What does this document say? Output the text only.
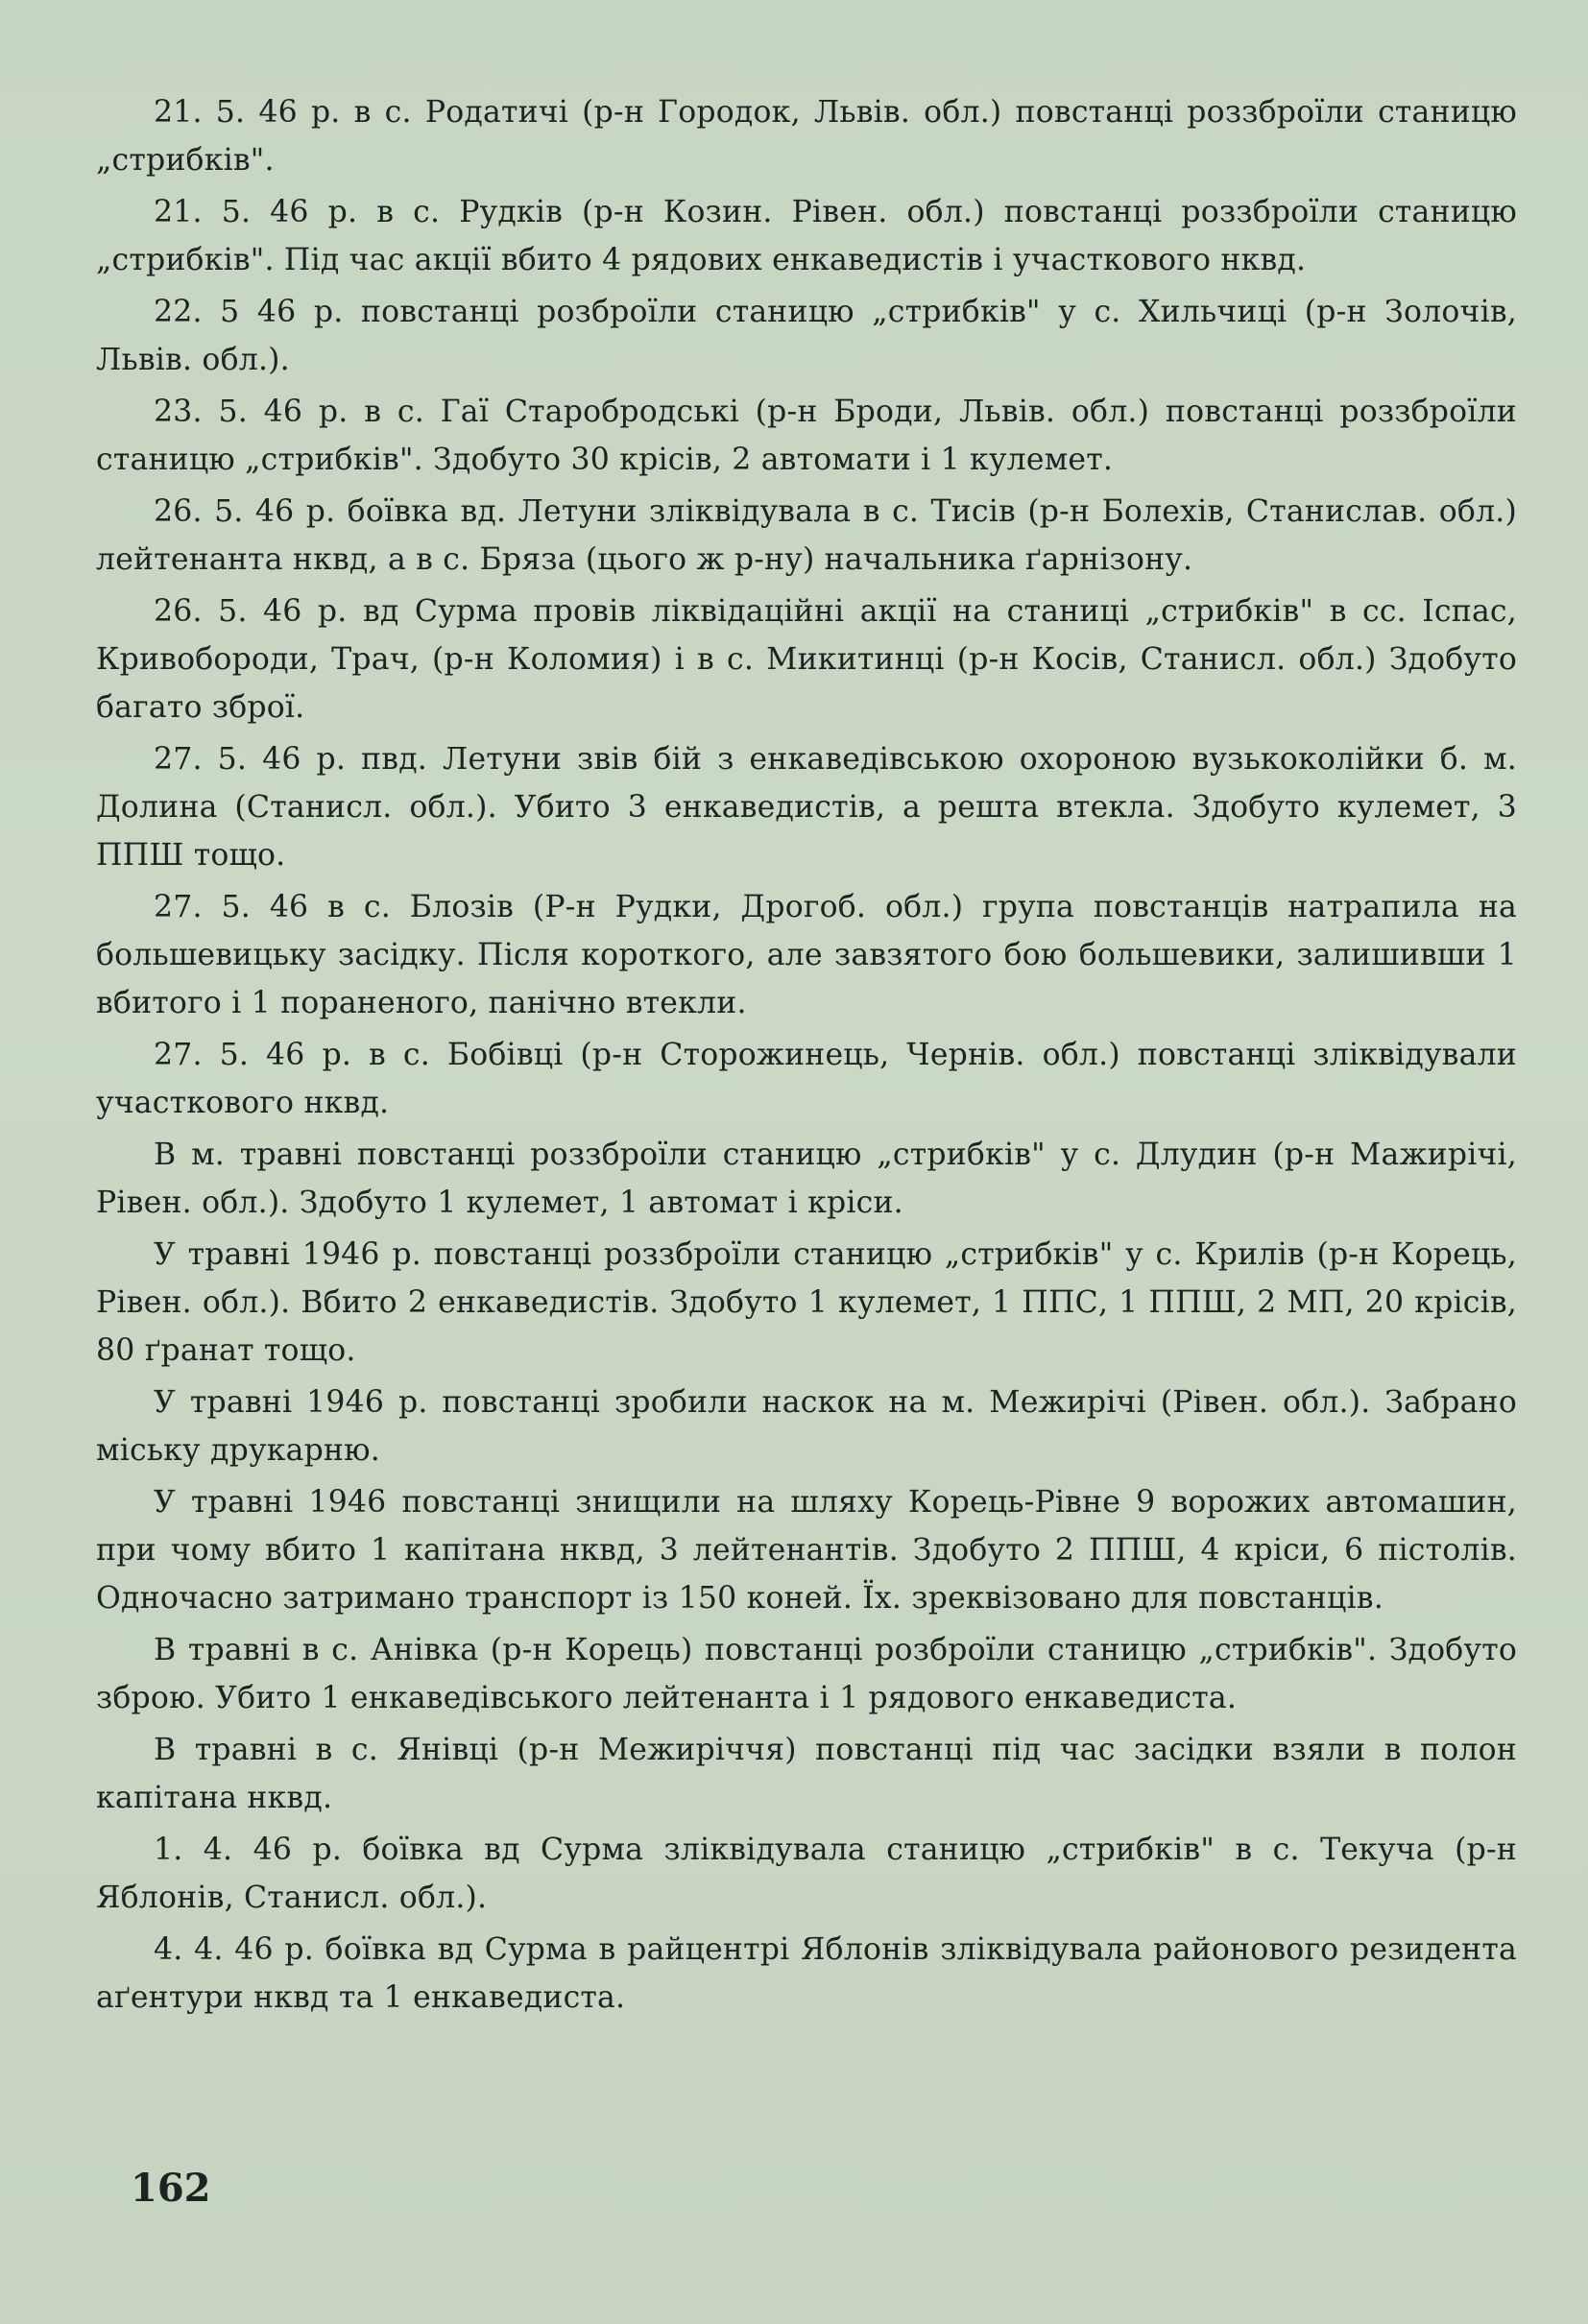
21. 5. 46 р. в с. Родатичі (р-н Городок, Львів. обл.) повстанці роззброїли станицю „стрибків".

21. 5. 46 р. в с. Рудків (р-н Козин. Рівен. обл.) повстанці роззброїли станицю „стрибків". Під час акції вбито 4 рядових енкаведистів і участкового нквд.

22. 5 46 р. повстанці розброїли станицю „стрибків" у с. Хильчиці (р-н Золочів, Львів. обл.).

23. 5. 46 р. в с. Гаї Старобродські (р-н Броди, Львів. обл.) повстанці роззброїли станицю „стрибків". Здобуто 30 крісів, 2 автомати і 1 кулемет.

26. 5. 46 р. боївка вд. Летуни зліквідувала в с. Тисів (р-н Болехів, Станислав. обл.) лейтенанта нквд, а в с. Бряза (цього ж р-ну) начальника ґарнізону.

26. 5. 46 р. вд Сурма провів ліквідаційні акції на станиці „стрибків" в сс. Іспас, Кривобороди, Трач, (р-н Коломия) і в с. Микитинці (р-н Косів, Станисл. обл.) Здобуто багато зброї.

27. 5. 46 р. пвд. Летуни звів бій з енкаведівською охороною вузькоколійки б. м. Долина (Станисл. обл.). Убито 3 енкаведистів, а решта втекла. Здобуто кулемет, 3 ППШ тощо.

27. 5. 46 в с. Блозів (Р-н Рудки, Дрогоб. обл.) група повстанців натрапила на большевицьку засідку. Після короткого, але завзятого бою большевики, залишивши 1 вбитого і 1 пораненого, панічно втекли.

27. 5. 46 р. в с. Бобівці (р-н Сторожинець, Чернів. обл.) повстанці зліквідували участкового нквд.

В м. травні повстанці роззброїли станицю „стрибків" у с. Длудин (р-н Мажирічі, Рівен. обл.). Здобуто 1 кулемет, 1 автомат і кріси.

У травні 1946 р. повстанці роззброїли станицю „стрибків" у с. Крилів (р-н Корець, Рівен. обл.). Вбито 2 енкаведистів. Здобуто 1 кулемет, 1 ППС, 1 ППШ, 2 МП, 20 крісів, 80 ґранат тощо.

У травні 1946 р. повстанці зробили наскок на м. Межирічі (Рівен. обл.). Забрано міську друкарню.

У травні 1946 повстанці знищили на шляху Корець-Рівне 9 ворожих автомашин, при чому вбито 1 капітана нквд, 3 лейтенантів. Здобуто 2 ППШ, 4 кріси, 6 пістолів. Одночасно затримано транспорт із 150 коней. Їх. зреквізовано для повстанців.

В травні в с. Анівка (р-н Корець) повстанці розброїли станицю „стрибків". Здобуто зброю. Убито 1 енкаведівського лейтенанта і 1 рядового енкаведиста.

В травні в с. Янівці (р-н Межиріччя) повстанці під час засідки взяли в полон капітана нквд.

1. 4. 46 р. боївка вд Сурма зліквідувала станицю „стрибків" в с. Текуча (р-н Яблонів, Станисл. обл.).

4. 4. 46 р. боївка вд Сурма в райцентрі Яблонів зліквідувала районового резидента аґентури нквд та 1 енкаведиста.

162
